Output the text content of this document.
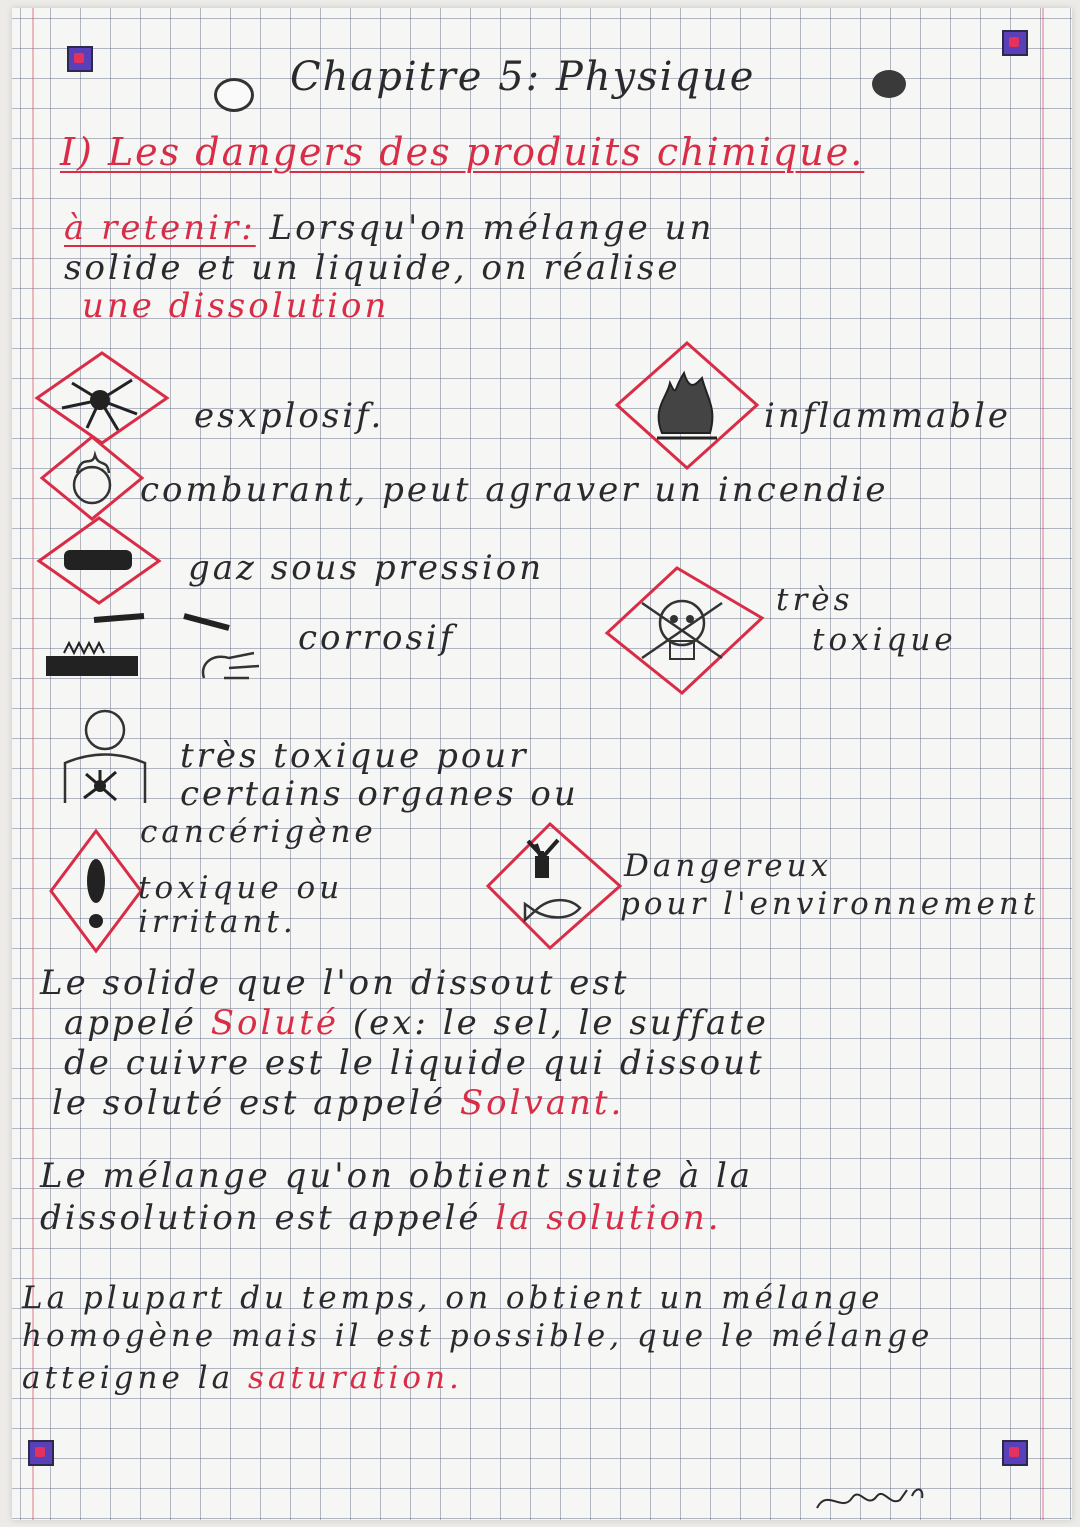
Chapitre 5: Physique
I) Les dangers des produits chimique.
à retenir: Lorsqu'on mélange un
solide et un liquide, on réalise
une dissolution
esxplosif.	inflammable
comburant, peut agraver un incendie
gaz sous pression
corrosif
très
toxique
très toxique pour
certains organes ou
cancérigène
toxique ou
irritant.
Dangereux
pour l'environnement
Le solide que l'on dissout est
appelé Soluté (ex: le sel, le suffate
de cuivre est le liquide qui dissout
le soluté est appelé Solvant.
Le mélange qu'on obtient suite à la
dissolution est appelé la solution.
La plupart du temps, on obtient un mélange
homogène mais il est possible, que le mélange
atteigne la saturation.
